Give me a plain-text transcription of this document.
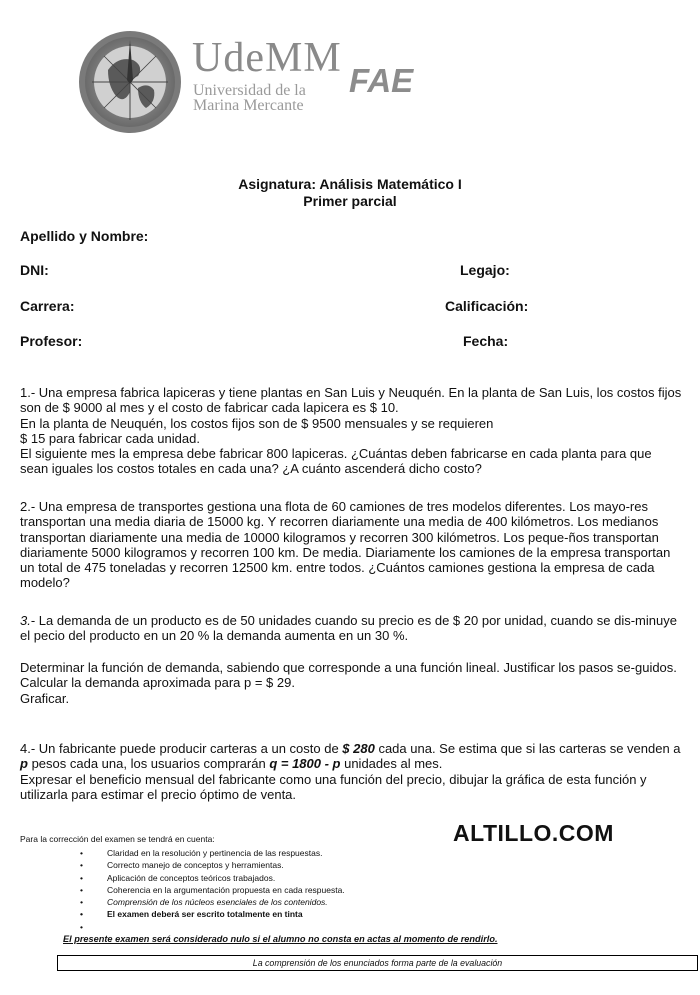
UdeMM
Universidad de la
Marina Mercante
FAE
Asignatura: Análisis Matemático I
Primer parcial
Apellido y Nombre:
DNI:	Legajo:
Carrera:	Calificación:
Profesor:	Fecha:

1.- Una empresa fabrica lapiceras y tiene plantas en San Luis y Neuquén. En la planta de San Luis, los costos fijos son de $ 9000 al mes y el costo de fabricar cada lapicera es $ 10.

En la planta de Neuquén, los costos fijos son de $ 9500 mensuales y se requieren

$ 15 para fabricar cada unidad.

El siguiente mes la empresa debe fabricar 800 lapiceras. ¿Cuántas deben fabricarse en cada planta para que sean iguales los costos totales en cada una? ¿A cuánto ascenderá dicho costo?

2.- Una empresa de transportes gestiona una flota de 60 camiones de tres modelos diferentes. Los mayo-res transportan una media diaria de 15000 kg. Y recorren diariamente una media de 400 kilómetros. Los medianos transportan diariamente una media de 10000 kilogramos y recorren 300 kilómetros. Los peque-ños transportan diariamente 5000 kilogramos y recorren 100 km. De media. Diariamente los camiones de la empresa transportan un total de 475 toneladas y recorren 12500 km. entre todos. ¿Cuántos camiones gestiona la empresa de cada modelo?

3.- La demanda de un producto es de 50 unidades cuando su precio es de $ 20 por unidad, cuando se dis-minuye el pecio del producto en un 20 % la demanda aumenta en un 30 %.

Determinar la función de demanda, sabiendo que corresponde a una función lineal. Justificar los pasos se-guidos.

Calcular la demanda aproximada para p = $ 29.

Graficar.

4.- Un fabricante puede producir carteras a un costo de $ 280 cada una. Se estima que si las carteras se venden a p pesos cada una, los usuarios comprarán q = 1800 - p unidades al mes.

Expresar el beneficio mensual del fabricante como una función del precio, dibujar la gráfica de esta función y utilizarla para estimar el precio óptimo de venta.

Para la corrección del examen se tendrá en cuenta:
• Claridad en la resolución y pertinencia de las respuestas.
• Correcto manejo de conceptos y herramientas.
• Aplicación de conceptos teóricos trabajados.
• Coherencia en la argumentación propuesta en cada respuesta.
• Comprensión de los núcleos esenciales de los contenidos.
• El examen deberá ser escrito totalmente en tinta
•
El presente examen será considerado nulo si el alumno no consta en actas al momento de rendirlo.
La comprensión de los enunciados forma parte de la evaluación
ALTILLO.COM
